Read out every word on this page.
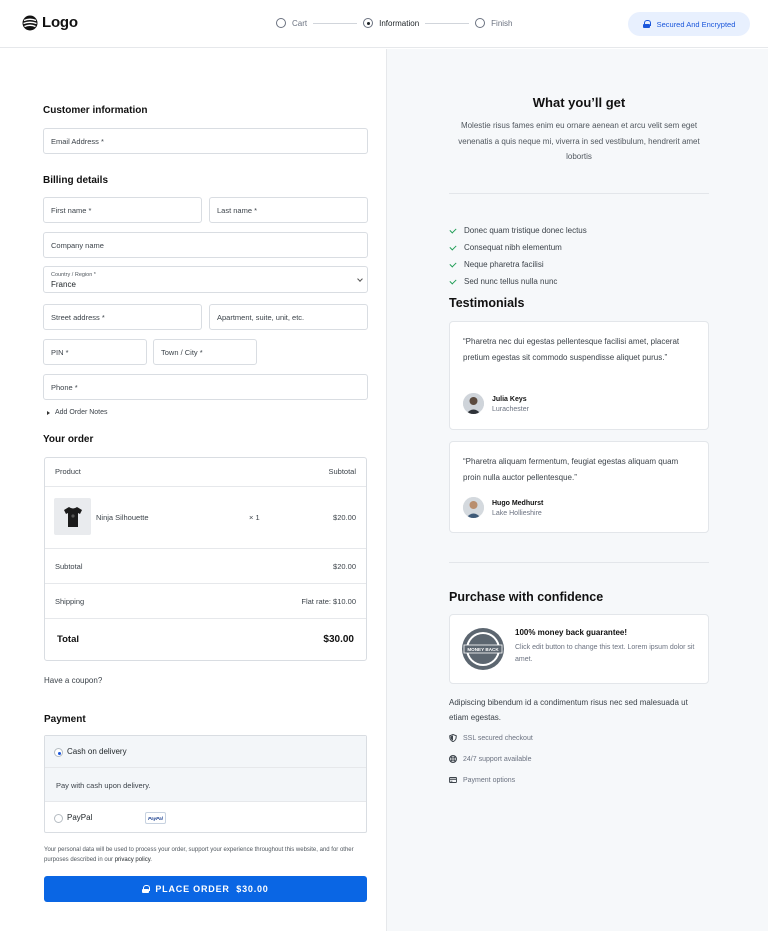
Logo	Cart	Information	Finish	Secured And Encrypted
Customer information
Email Address *
Billing details
First name *	Last name *
Company name
Country / Region *
France
Street address *	Apartment, suite, unit, etc.
PIN *	Town / City *
Phone *
Add Order Notes
Your order
Product	Subtotal
Ninja Silhouette	× 1	$20.00
Subtotal	$20.00
Shipping	Flat rate: $10.00
Total	$30.00
Have a coupon?
Payment
Cash on delivery
Pay with cash upon delivery.
PayPal	PayPal
Your personal data will be used to process your order, support your experience throughout this website, and for other purposes described in our privacy policy.
PLACE ORDER  $30.00
What you’ll get
Molestie risus fames enim eu ornare aenean et arcu velit sem eget venenatis a quis neque mi, viverra in sed vestibulum, hendrerit amet lobortis
Donec quam tristique donec lectus
Consequat nibh elementum
Neque pharetra facilisi
Sed nunc tellus nulla nunc
Testimonials
“Pharetra nec dui egestas pellentesque facilisi amet, placerat pretium egestas sit commodo suspendisse aliquet purus.”
Julia Keys
Lurachester
“Pharetra aliquam fermentum, feugiat egestas aliquam quam proin nulla auctor pellentesque.”
Hugo Medhurst
Lake Hollieshire
Purchase with confidence
MONEY BACK
100% money back guarantee!
Click edit button to change this text. Lorem ipsum dolor sit amet.
Adipiscing bibendum id a condimentum risus nec sed malesuada ut etiam egestas.
SSL secured checkout
24/7 support available
Payment options
